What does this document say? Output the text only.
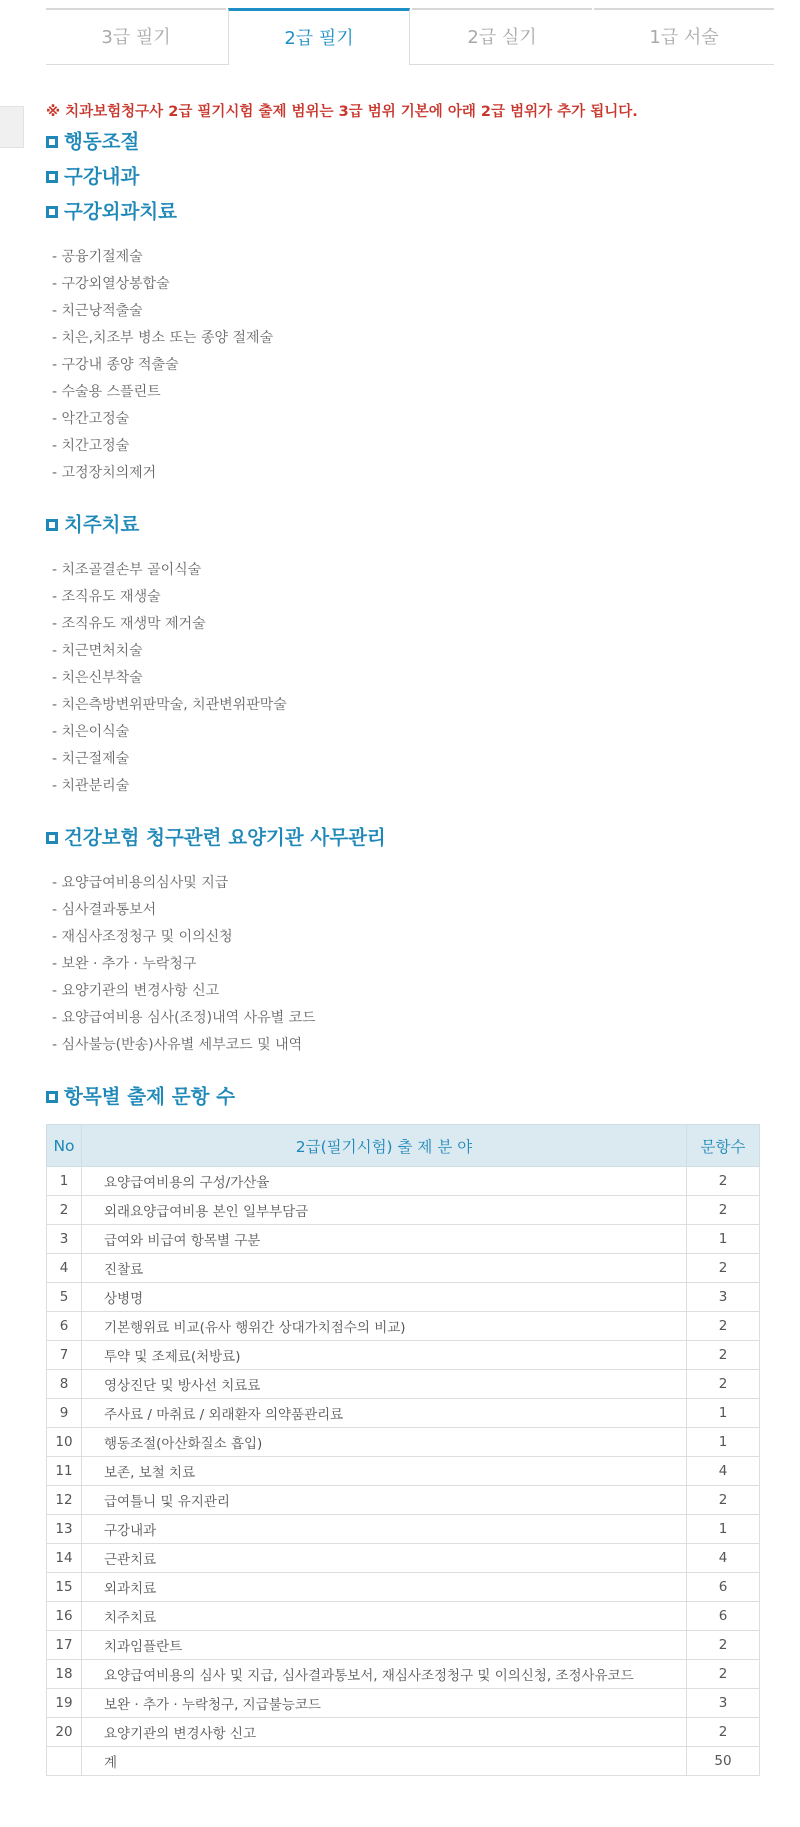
3급 필기	2급 필기	2급 실기	1급 서술

※ 치과보험청구사 2급 필기시험 출제 범위는 3급 범위 기본에 아래 2급 범위가 추가 됩니다.

행동조절
구강내과
구강외과치료
- 공융기절제술
- 구강외열상봉합술
- 치근낭적출술
- 치은,치조부 병소 또는 종양 절제술
- 구강내 종양 적출술
- 수술용 스플린트
- 악간고정술
- 치간고정술
- 고정장치의제거
치주치료
- 치조골결손부 골이식술
- 조직유도 재생술
- 조직유도 재생막 제거술
- 치근면처치술
- 치은신부착술
- 치은측방변위판막술, 치관변위판막술
- 치은이식술
- 치근절제술
- 치관분리술
건강보험 청구관련 요양기관 사무관리
- 요양급여비용의심사및 지급
- 심사결과통보서
- 재심사조정청구 및 이의신청
- 보완 · 추가 · 누락청구
- 요양기관의 변경사항 신고
- 요양급여비용 심사(조정)내역 사유별 코드
- 심사불능(반송)사유별 세부코드 및 내역
항목별 출제 문항 수
No	2급(필기시험) 출 제 분 야	문항수
1	요양급여비용의 구성/가산율	2
2	외래요양급여비용 본인 일부부담금	2
3	급여와 비급여 항목별 구분	1
4	진찰료	2
5	상병명	3
6	기본행위료 비교(유사 행위간 상대가치점수의 비교)	2
7	투약 및 조제료(처방료)	2
8	영상진단 및 방사선 치료료	2
9	주사료 / 마취료 / 외래환자 의약품관리료	1
10	행동조절(아산화질소 흡입)	1
11	보존, 보철 치료	4
12	급여틀니 및 유지관리	2
13	구강내과	1
14	근관치료	4
15	외과치료	6
16	치주치료	6
17	치과임플란트	2
18	요양급여비용의 심사 및 지급, 심사결과통보서, 재심사조정청구 및 이의신청, 조정사유코드	2
19	보완 · 추가 · 누락청구, 지급불능코드	3
20	요양기관의 변경사항 신고	2
	계	50
